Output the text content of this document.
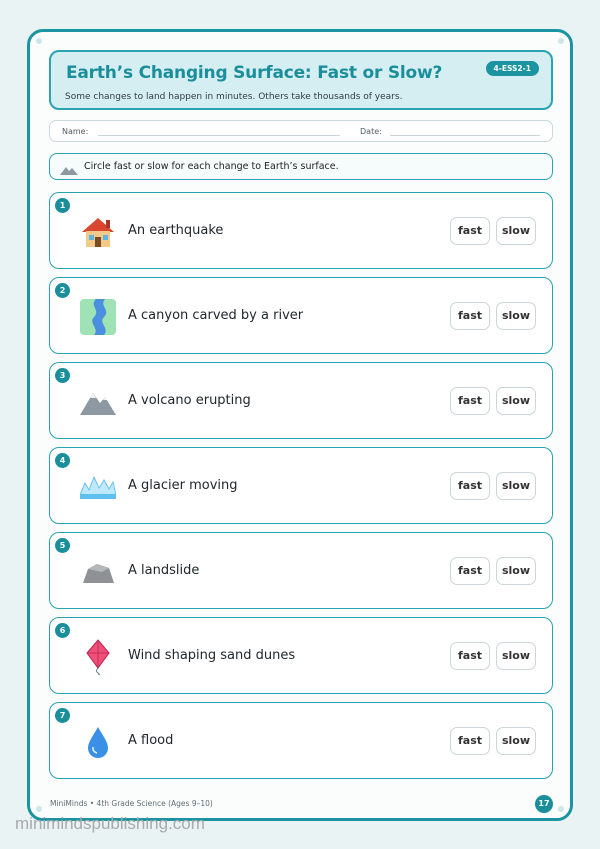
Earth’s Changing Surface: Fast or Slow?
Some changes to land happen in minutes. Others take thousands of years.
4-ESS2-1
Name:	Date:
Circle fast or slow for each change to Earth’s surface.
1
An earthquake	fast	slow
2
A canyon carved by a river	fast	slow
3
A volcano erupting	fast	slow
4
A glacier moving	fast	slow
5
A landslide	fast	slow
6
Wind shaping sand dunes	fast	slow
7
A flood	fast	slow
MiniMinds • 4th Grade Science (Ages 9–10)	17
minimindspublishing.com
